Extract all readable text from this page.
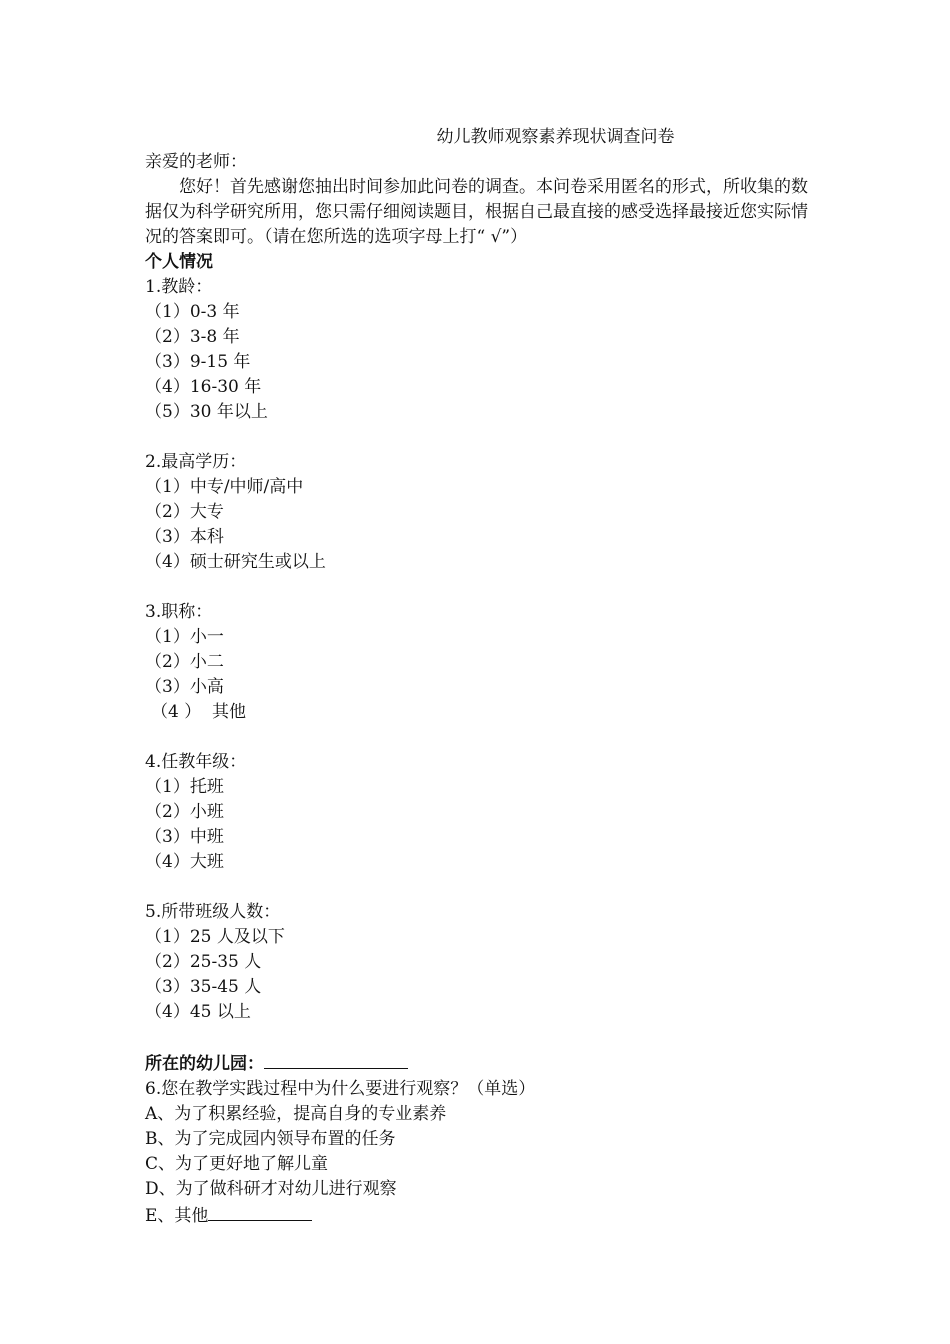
幼儿教师观察素养现状调查问卷
亲爱的老师：

您好！首先感谢您抽出时间参加此问卷的调查。本问卷采用匿名的形式，所收集的数据仅为科学研究所用，您只需仔细阅读题目，根据自己最直接的感受选择最接近您实际情况的答案即可。（请在您所选的选项字母上打“ √”）

个人情况
1.教龄：
（1）0-3 年
（2）3-8 年
（3）9-15 年
（4）16-30 年
（5）30 年以上
2.最高学历：
（1）中专/中师/高中
（2）大专
（3）本科
（4）硕士研究生或以上
3.职称：
（1）小一
（2）小二
（3）小高
（4 ）  其他
4.任教年级：
（1）托班
（2）小班
（3）中班
（4）大班
5.所带班级人数：
（1）25 人及以下
（2）25-35 人
（3）35-45 人
（4）45 以上
所在的幼儿园：
6.您在教学实践过程中为什么要进行观察？（单选）
A、为了积累经验，提高自身的专业素养
B、为了完成园内领导布置的任务
C、为了更好地了解儿童
D、为了做科研才对幼儿进行观察
E、其他
